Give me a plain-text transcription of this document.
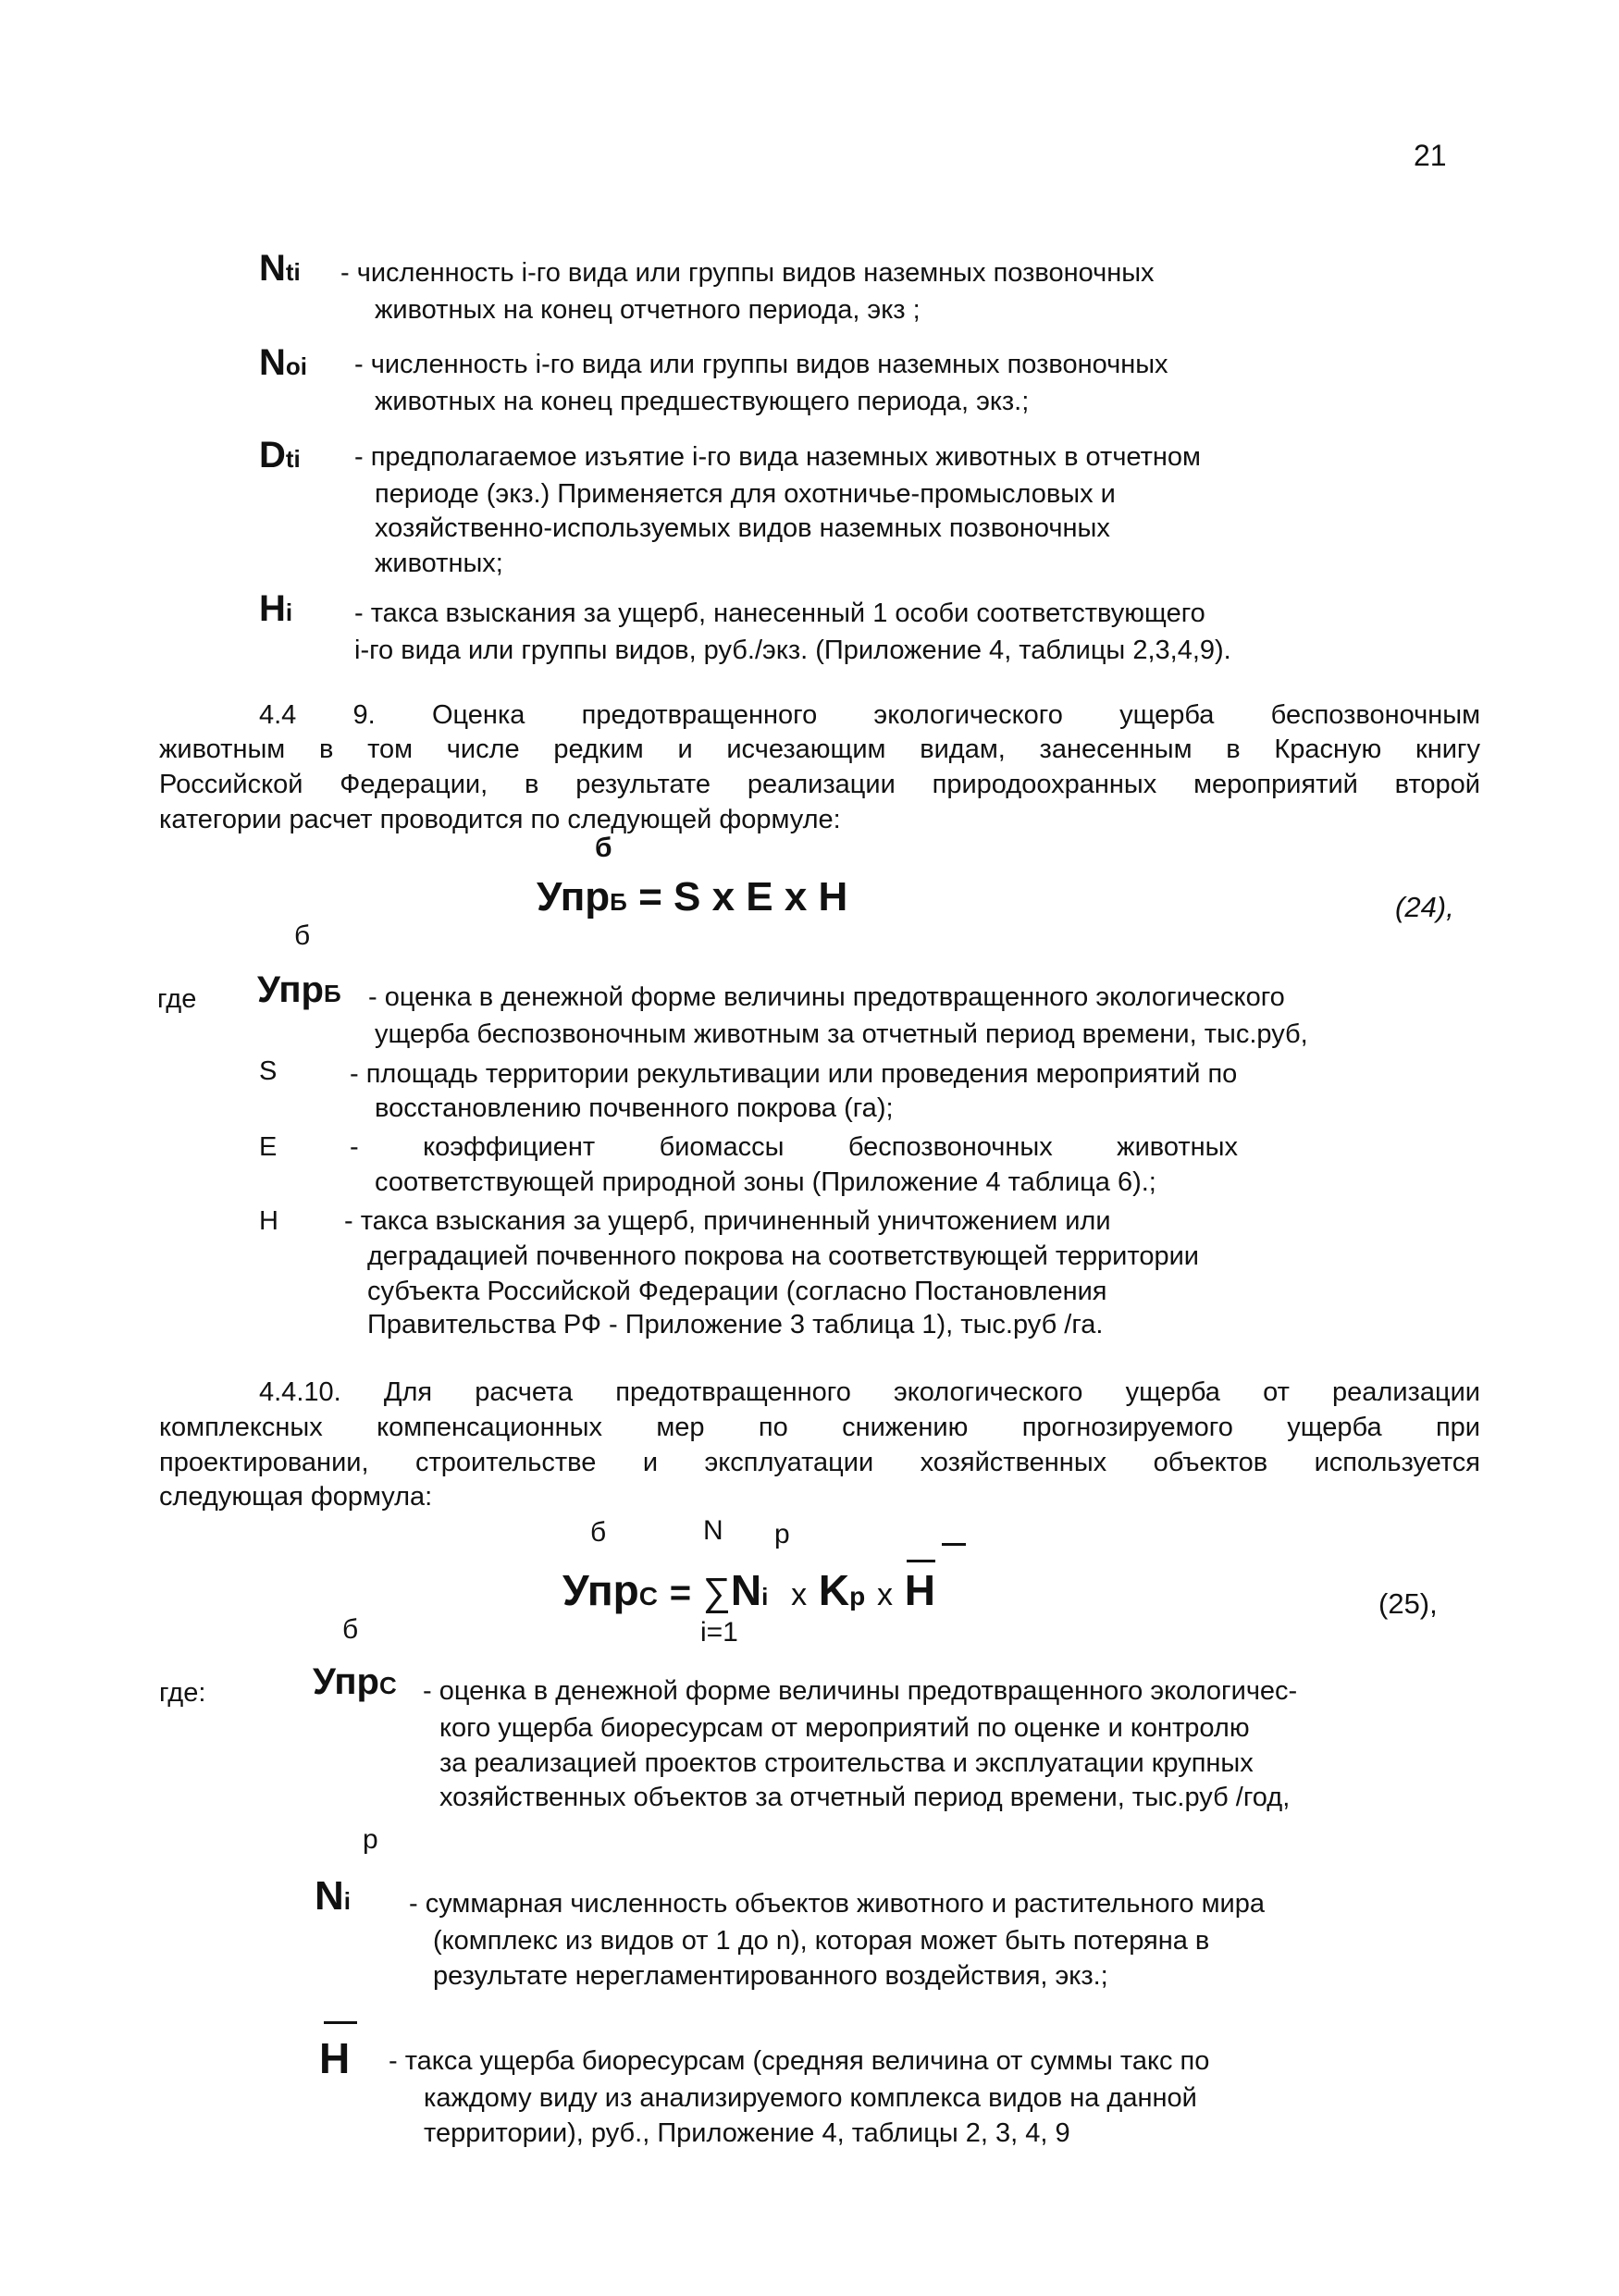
21
Nti - численность i-го вида или группы видов наземных позвоночных
животных на конец отчетного периода, экз ;
Noi - численность i-го вида или группы видов наземных позвоночных
животных на конец предшествующего периода, экз.;
Dti - предполагаемое изъятие i-го вида наземных животных в отчетном
периоде (экз.) Применяется для охотничье-промысловых и
хозяйственно-используемых видов наземных позвоночных
животных;
Hi - такса взыскания за ущерб, нанесенный 1 особи соответствующего
i-го вида или группы видов, руб./экз. (Приложение 4, таблицы 2,3,4,9).
4.4 9. Оценка предотвращенного экологического ущерба беспозвоночным
животным в том числе редким и исчезающим видам, занесенным в Красную книгу
Российской Федерации, в результате реализации природоохранных мероприятий второй
категории расчет проводится по следующей формуле:
б
УпрБ = S x E x H	(24),
б
где УпрБ - оценка в денежной форме величины предотвращенного экологического
ущерба беспозвоночным животным за отчетный период времени, тыс.руб,
S	- площадь территории рекультивации или проведения мероприятий по
восстановлению почвенного покрова (га);
E	- коэффициент биомассы беспозвоночных животных
соответствующей природной зоны (Приложение 4 таблица 6).;
H - такса взыскания за ущерб, причиненный уничтожением или
деградацией почвенного покрова на соответствующей территории
субъекта Российской Федерации (согласно Постановления
Правительства РФ - Приложение 3 таблица 1), тыс.руб /га.
4.4.10. Для расчета предотвращенного экологического ущерба от реализации
комплексных компенсационных мер по снижению прогнозируемого ущерба при
проектировании, строительстве и эксплуатации хозяйственных объектов используется
следующая формула:
б	N p
УпрС = ∑Ni x Kp x H	(25),
б	i=1
где:	УпрС - оценка в денежной форме величины предотвращенного экологичес-
кого ущерба биоресурсам от мероприятий по оценке и контролю
за реализацией проектов строительства и эксплуатации крупных
хозяйственных объектов за отчетный период времени, тыс.руб /год,
p
Ni - суммарная численность объектов животного и растительного мира
(комплекс из видов от 1 до n), которая может быть потеряна в
результате нерегламентированного воздействия, экз.;
H - такса ущерба биоресурсам (средняя величина от суммы такс по
каждому виду из анализируемого комплекса видов на данной
территории), руб., Приложение 4, таблицы 2, 3, 4, 9
